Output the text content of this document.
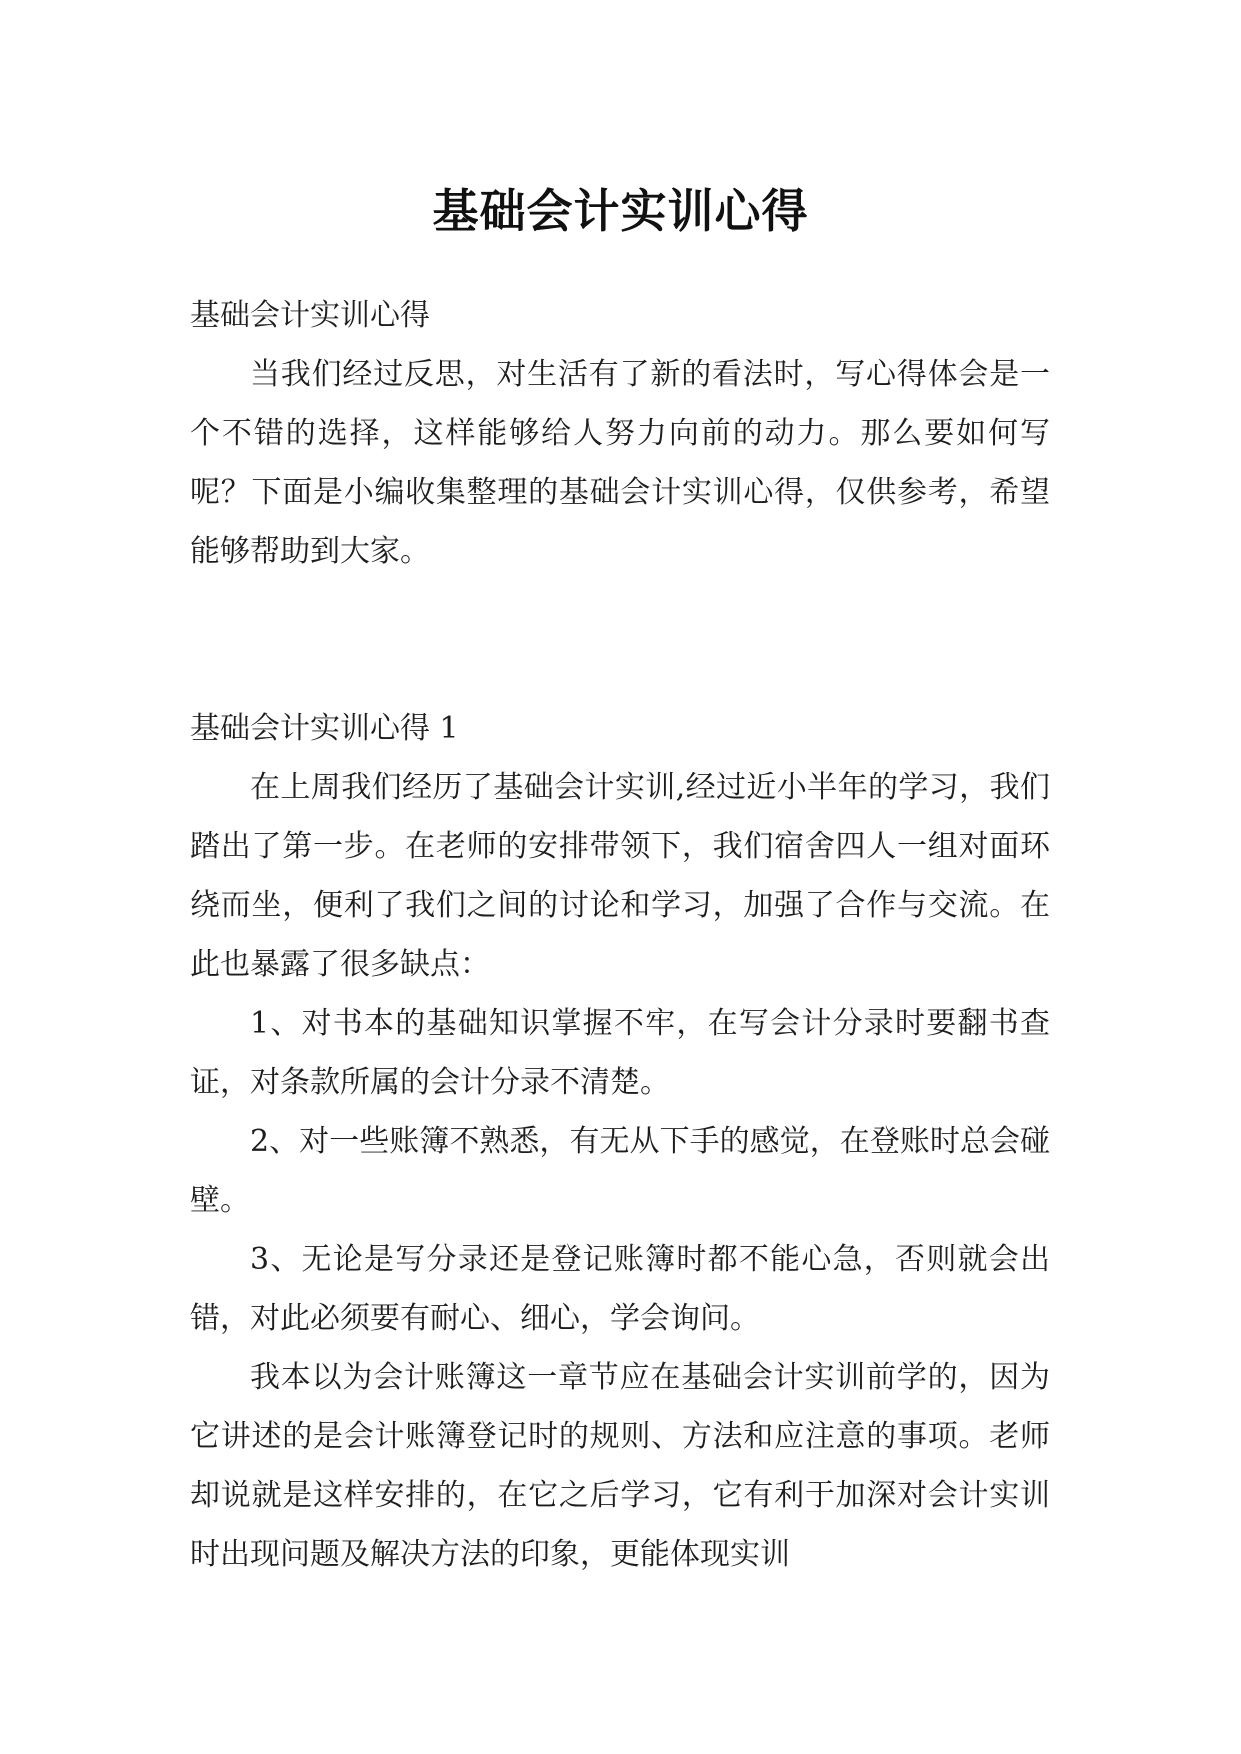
基础会计实训心得

基础会计实训心得

当我们经过反思，对生活有了新的看法时，写心得体会是一个不错的选择，这样能够给人努力向前的动力。那么要如何写呢？下面是小编收集整理的基础会计实训心得，仅供参考，希望能够帮助到大家。

基础会计实训心得 1

在上周我们经历了基础会计实训,经过近小半年的学习，我们踏出了第一步。在老师的安排带领下，我们宿舍四人一组对面环绕而坐，便利了我们之间的讨论和学习，加强了合作与交流。在此也暴露了很多缺点：

1、对书本的基础知识掌握不牢，在写会计分录时要翻书查证，对条款所属的会计分录不清楚。

2、对一些账簿不熟悉，有无从下手的感觉，在登账时总会碰壁。

3、无论是写分录还是登记账簿时都不能心急，否则就会出错，对此必须要有耐心、细心，学会询问。

我本以为会计账簿这一章节应在基础会计实训前学的，因为它讲述的是会计账簿登记时的规则、方法和应注意的事项。老师却说就是这样安排的，在它之后学习，它有利于加深对会计实训时出现问题及解决方法的印象，更能体现实训
